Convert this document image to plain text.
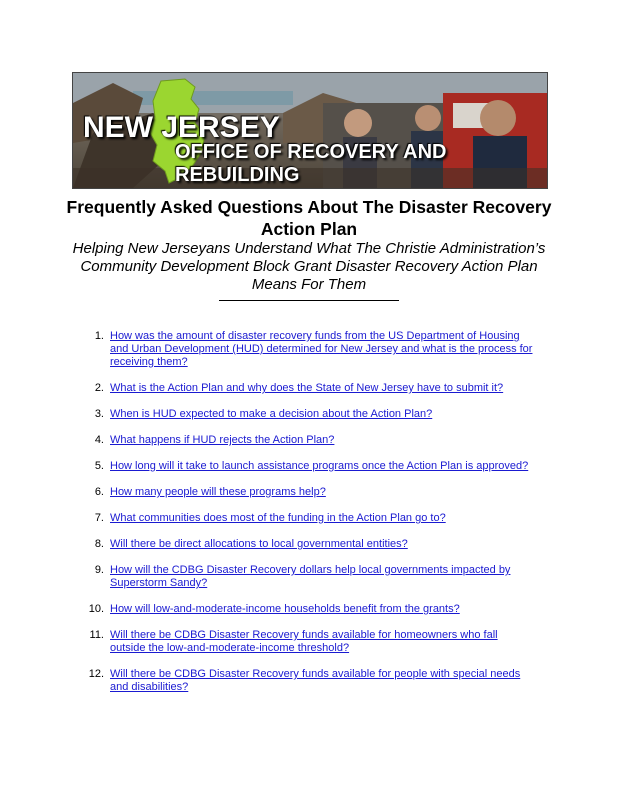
NEW JERSEY
OFFICE OF RECOVERY AND REBUILDING
Frequently Asked Questions About The Disaster Recovery Action Plan
Helping New Jerseyans Understand What The Christie Administration’s Community Development Block Grant Disaster Recovery Action Plan Means For Them
1. How was the amount of disaster recovery funds from the US Department of Housing and Urban Development (HUD) determined for New Jersey and what is the process for receiving them?
2. What is the Action Plan and why does the State of New Jersey have to submit it?
3. When is HUD expected to make a decision about the Action Plan?
4. What happens if HUD rejects the Action Plan?
5. How long will it take to launch assistance programs once the Action Plan is approved?
6. How many people will these programs help?
7. What communities does most of the funding in the Action Plan go to?
8. Will there be direct allocations to local governmental entities?
9. How will the CDBG Disaster Recovery dollars help local governments impacted by Superstorm Sandy?
10. How will low-and-moderate-income households benefit from the grants?
11. Will there be CDBG Disaster Recovery funds available for homeowners who fall outside the low-and-moderate-income threshold?
12. Will there be CDBG Disaster Recovery funds available for people with special needs and disabilities?
